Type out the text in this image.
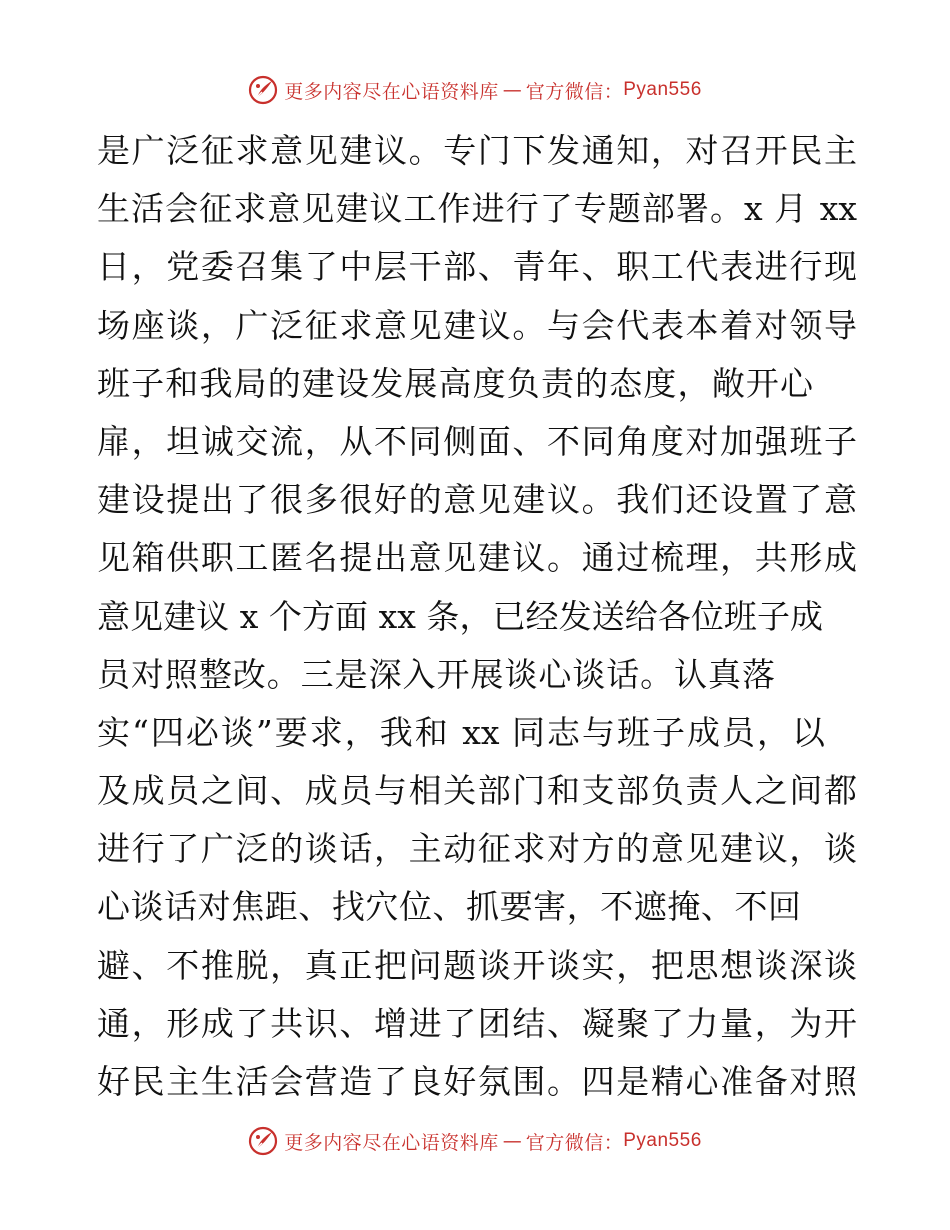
更多内容尽在心语资料库 — 官方微信： Pyan556
是广泛征求意见建议。专门下发通知，对召开民主
生活会征求意见建议工作进行了专题部署。x 月 xx
日，党委召集了中层干部、青年、职工代表进行现
场座谈，广泛征求意见建议。与会代表本着对领导
班子和我局的建设发展高度负责的态度，敞开心
扉，坦诚交流，从不同侧面、不同角度对加强班子
建设提出了很多很好的意见建议。我们还设置了意
见箱供职工匿名提出意见建议。通过梳理，共形成
意见建议 x 个方面 xx 条，已经发送给各位班子成
员对照整改。三是深入开展谈心谈话。认真落
实“四必谈”要求，我和 xx 同志与班子成员，以
及成员之间、成员与相关部门和支部负责人之间都
进行了广泛的谈话，主动征求对方的意见建议，谈
心谈话对焦距、找穴位、抓要害，不遮掩、不回
避、不推脱，真正把问题谈开谈实，把思想谈深谈
通，形成了共识、增进了团结、凝聚了力量，为开
好民主生活会营造了良好氛围。四是精心准备对照
更多内容尽在心语资料库 — 官方微信： Pyan556
